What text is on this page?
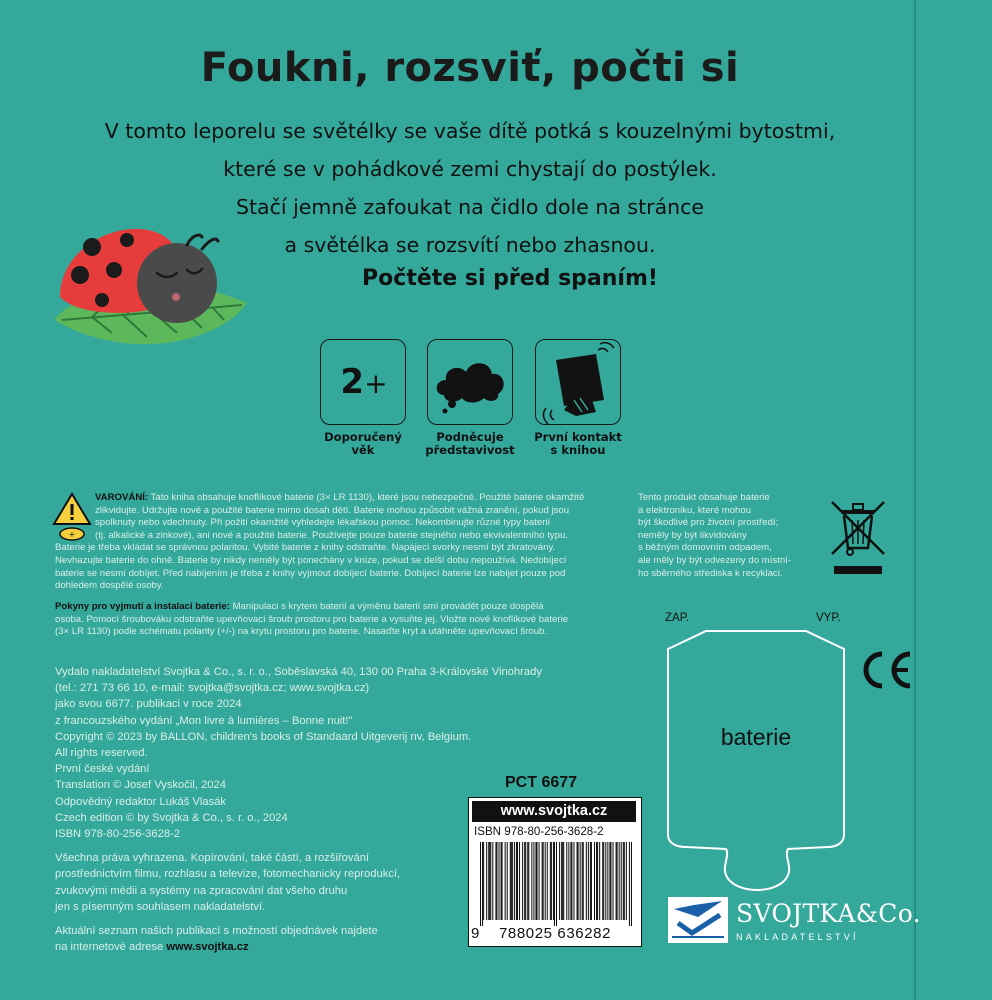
Foukni, rozsviť, počti si
V tomto leporelu se světélky se vaše dítě potká s kouzelnými bytostmi,
které se v pohádkové zemi chystají do postýlek.
Stačí jemně zafoukat na čidlo dole na stránce
a světélka se rozsvítí nebo zhasnou.
Počtěte si před spaním!
2+
Doporučený
věk
Podněcuje
představivost
První kontakt
s knihou
+
VAROVÁNÍ: Tato kniha obsahuje knoflíkové baterie (3× LR 1130), které jsou nebezpečné. Použité baterie okamžitě
zlikvidujte. Udržujte nové a použité baterie mimo dosah dětí. Baterie mohou způsobit vážná zranění, pokud jsou
spolknuty nebo vdechnuty. Při požití okamžitě vyhledejte lékařskou pomoc. Nekombinujte různé typy baterií
(tj. alkalické a zinkové), ani nové a použité baterie. Používejte pouze baterie stejného nebo ekvivalentního typu.
Baterie je třeba vkládat se správnou polaritou. Vybité baterie z knihy odstraňte. Napájecí svorky nesmí být zkratovány.
Nevhazujte baterie do ohně. Baterie by nikdy neměly být ponechány v knize, pokud se delší dobu nepoužívá. Nedobíjecí
baterie se nesmí dobíjet. Před nabíjením je třeba z knihy vyjmout dobíjecí baterie. Dobíjecí baterie lze nabíjet pouze pod
dohledem dospělé osoby.
Pokyny pro vyjmutí a instalaci baterie: Manipulaci s krytem baterií a výměnu baterií smí provádět pouze dospělá
osoba. Pomocí šroubováku odstraňte upevňovací šroub prostoru pro baterie a vysuňte jej. Vložte nové knoflíkové baterie
(3× LR 1130) podle schématu polarity (+/-) na krytu prostoru pro baterie. Nasaďte kryt a utáhněte upevňovací šroub.
Tento produkt obsahuje baterie
a elektroniku, které mohou
být škodlivé pro životní prostředí;
neměly by být likvidovány
s běžným domovním odpadem,
ale měly by být odvezeny do místní-
ho sběrného střediska k recyklaci.
Vydalo nakladatelství Svojtka & Co., s. r. o., Soběslavská 40, 130 00 Praha 3-Královské Vinohrady
(tel.: 271 73 66 10, e-mail: svojtka@svojtka.cz; www.svojtka.cz)
jako svou 6677. publikaci v roce 2024
z francouzského vydání „Mon livre à lumières – Bonne nuit!"
Copyright © 2023 by BALLON, children's books of Standaard Uitgeverij nv, Belgium.
All rights reserved.
První české vydání
Translation © Josef Vyskočil, 2024
Odpovědný redaktor Lukáš Vlasák
Czech edition © by Svojtka & Co., s. r. o., 2024
ISBN 978-80-256-3628-2
Všechna práva vyhrazena. Kopírování, také částí, a rozšiřování
prostřednictvím filmu, rozhlasu a televize, fotomechanicky reprodukcí,
zvukovými médii a systémy na zpracování dat všeho druhu
jen s písemným souhlasem nakladatelství.
Aktuální seznam našich publikací s možností objednávek najdete
na internetové adrese www.svojtka.cz
PCT 6677
www.svojtka.cz
ISBN 978-80-256-3628-2
9 788025 636282
ZAP.	VYP.
baterie
SVOJTKA&Co.
NAKLADATELSTVÍ
